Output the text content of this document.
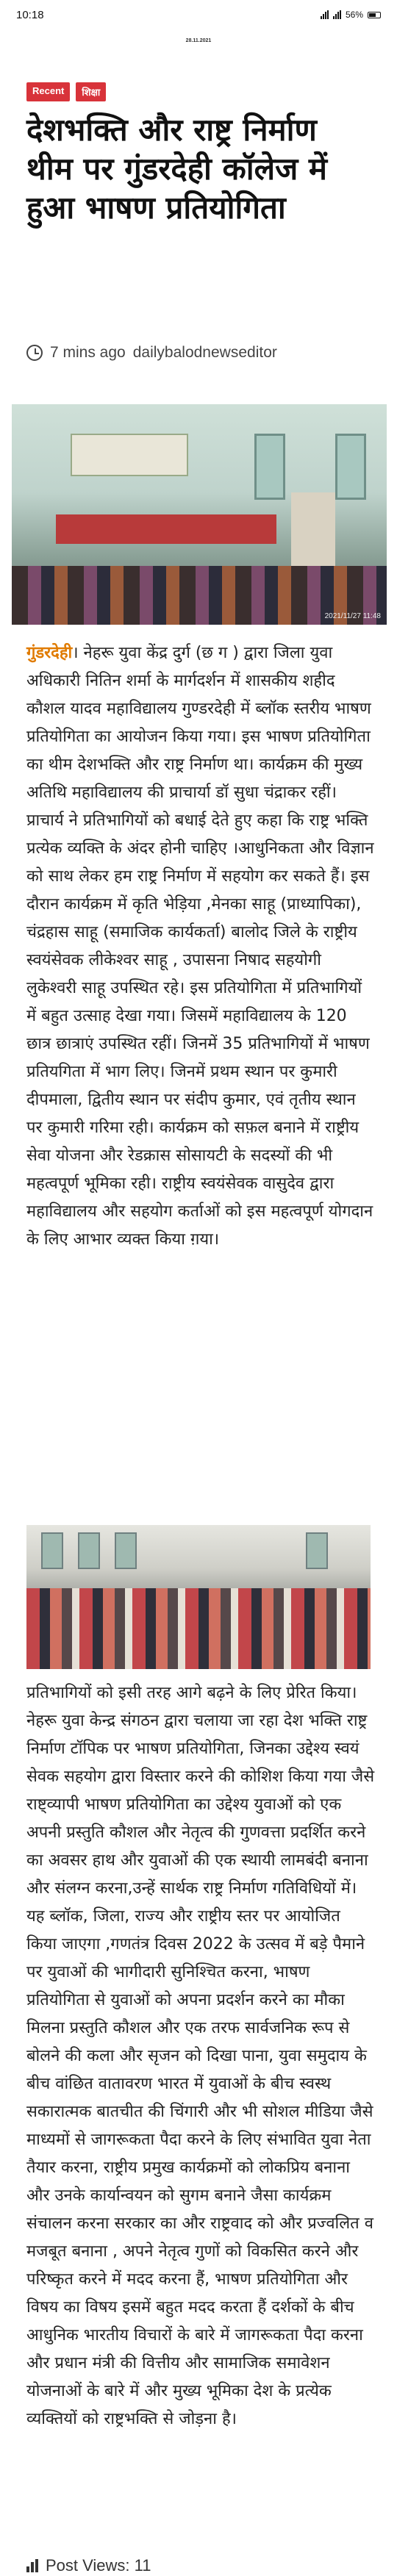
10:18	56%
28.11.2021
Recent	शिक्षा
देशभक्ति और राष्ट्र निर्माण थीम पर गुंडरदेही कॉलेज में हुआ भाषण प्रतियोगिता
7 mins ago dailybalodnewseditor
2021/11/27 11:48

गुंडरदेही। नेहरू युवा केंद्र दुर्ग (छ ग ) द्वारा जिला युवा अधिकारी नितिन शर्मा के मार्गदर्शन में शासकीय शहीद कौशल यादव महाविद्यालय गुण्डरदेही में ब्लॉक स्तरीय भाषण प्रतियोगिता का आयोजन किया गया। इस भाषण प्रतियोगिता का थीम देशभक्ति और राष्ट्र निर्माण था। कार्यक्रम की मुख्य अतिथि महाविद्यालय की प्राचार्या डॉ सुधा चंद्राकर रहीं। प्राचार्य ने प्रतिभागियों को बधाई देते हुए कहा कि राष्ट्र भक्ति प्रत्येक व्यक्ति के अंदर होनी चाहिए ।आधुनिकता और विज्ञान को साथ लेकर हम राष्ट्र निर्माण में सहयोग कर सकते हैं। इस दौरान कार्यक्रम में कृति भेड़िया ,मेनका साहू (प्राध्यापिका), चंद्रहास साहू (समाजिक कार्यकर्ता) बालोद जिले के राष्ट्रीय स्वयंसेवक लीकेश्वर साहू , उपासना निषाद सहयोगी लुकेश्वरी साहू उपस्थित रहे। इस प्रतियोगिता में प्रतिभागियों में बहुत उत्साह देखा गया। जिसमें महाविद्यालय के 120 छात्र छात्राएं उपस्थित रहीं। जिनमें 35 प्रतिभागियों में भाषण प्रतियगिता में भाग लिए। जिनमें प्रथम स्थान पर कुमारी दीपमाला, द्वितीय स्थान पर संदीप कुमार, एवं तृतीय स्थान पर कुमारी गरिमा रही। कार्यक्रम को सफ़ल बनाने में राष्ट्रीय सेवा योजना और रेडक्रास सोसायटी के सदस्यों की भी महत्वपूर्ण भूमिका रही। राष्ट्रीय स्वयंसेवक वासुदेव द्वारा महाविद्यालय और सहयोग कर्ताओं को इस महत्वपूर्ण योगदान के लिए आभार व्यक्त किया ग़या।

प्रतिभागियों को इसी तरह आगे बढ़ने के लिए प्रेरित किया। नेहरू युवा केन्द्र संगठन द्वारा चलाया जा रहा देश भक्ति राष्ट्र निर्माण टॉपिक पर भाषण प्रतियोगिता, जिनका उद्देश्य स्वयं सेवक सहयोग द्वारा विस्तार करने की कोशिश किया गया जैसे राष्ट्व्यापी भाषण प्रतियोगिता का उद्देश्य युवाओं को एक अपनी प्रस्तुति कौशल और नेतृत्व की गुणवत्ता प्रदर्शित करने का अवसर हाथ और युवाओं की एक स्थायी लामबंदी बनाना और संलग्न करना,उन्हें सार्थक राष्ट्र निर्माण गतिविधियों में। यह ब्लॉक, जिला, राज्य और राष्ट्रीय स्तर पर आयोजित किया जाएगा ,गणतंत्र दिवस 2022 के उत्सव में बड़े पैमाने पर युवाओं की भागीदारी सुनिश्चित करना, भाषण प्रतियोगिता से युवाओं को अपना प्रदर्शन करने का मौका मिलना प्रस्तुति कौशल और एक तरफ सार्वजनिक रूप से बोलने की कला और सृजन को दिखा पाना, युवा समुदाय के बीच वांछित वातावरण भारत में युवाओं के बीच स्वस्थ सकारात्मक बातचीत की चिंगारी और भी सोशल मीडिया जैसे माध्यमों से जागरूकता पैदा करने के लिए संभावित युवा नेता तैयार करना, राष्ट्रीय प्रमुख कार्यक्रमों को लोकप्रिय बनाना और उनके कार्यान्वयन को सुगम बनाने जैसा कार्यक्रम संचालन करना सरकार का और राष्ट्रवाद को और प्रज्वलित व मजबूत बनाना , अपने नेतृत्व गुणों को विकसित करने और परिष्कृत करने में मदद करना हैं, भाषण प्रतियोगिता और विषय का विषय इसमें बहुत मदद करता हैं दर्शकों के बीच आधुनिक भारतीय विचारों के बारे में जागरूकता पैदा करना और प्रधान मंत्री की वित्तीय और सामाजिक समावेशन योजनाओं के बारे में और मुख्य भूमिका देश के प्रत्येक व्यक्तियों को राष्ट्रभक्ति से जोड़ना है।

Post Views: 11
